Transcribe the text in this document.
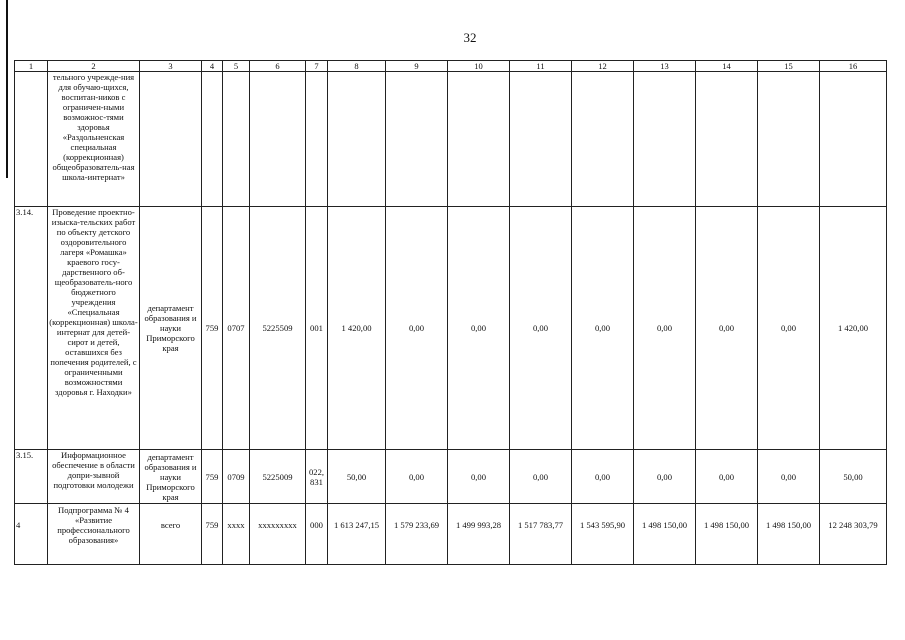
32
1	2	3	4	5	6	7	8	9	10	11	12	13	14	15	16
	тельного учрежде-ния для обучаю-щихся, воспитан-ников с ограничен-ными возможнос-тями здоровья «Раздольненская специальная (коррекционная) общеобразователь-ная школа-интернат»														
3.14.	Проведение проектно-изыска-тельских работ по объекту детского оздоровительного лагеря «Ромашка» краевого госу-дарственного об-щеобразователь-ного бюджетного учреждения «Специальная (коррекционная) школа-интернат для детей-сирот и детей, оставшихся без попечения родителей, с ограниченными возможностями здоровья г. Находки»	департамент образования и науки Приморского края	759	0707	5225509	001	1 420,00	0,00	0,00	0,00	0,00	0,00	0,00	0,00	1 420,00
3.15.	Информационное обеспечение в области допри-зывной подготовки молодежи	департамент образования и науки Приморского края	759	0709	5225009	022, 831	50,00	0,00	0,00	0,00	0,00	0,00	0,00	0,00	50,00
4	Подпрограмма № 4 «Развитие профессионального образования»	всего	759	хххх	ххххххххх	000	1 613 247,15	1 579 233,69	1 499 993,28	1 517 783,77	1 543 595,90	1 498 150,00	1 498 150,00	1 498 150,00	12 248 303,79
